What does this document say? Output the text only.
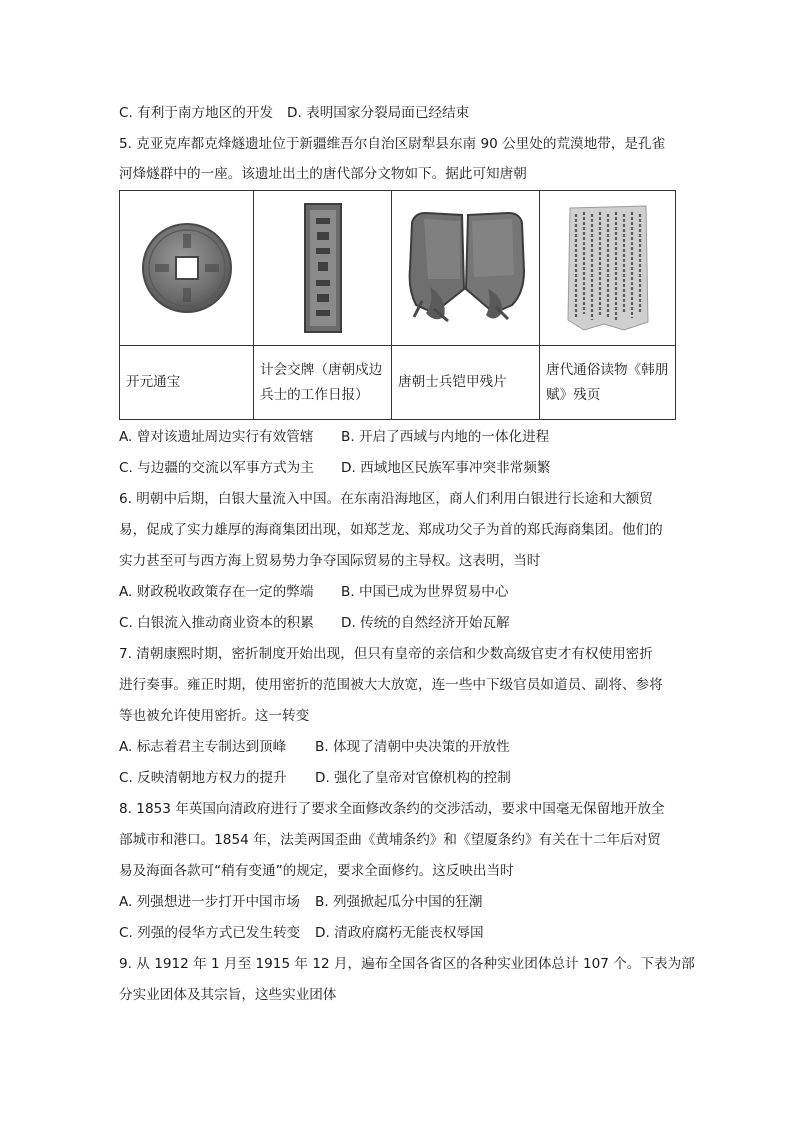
C. 有利于南方地区的开发 D. 表明国家分裂局面已经结束
5. 克亚克库都克烽燧遗址位于新疆维吾尔自治区尉犁县东南 90 公里处的荒漠地带，是孔雀
河烽燧群中的一座。该遗址出土的唐代部分文物如下。据此可知唐朝

开元通宝	计会交牌（唐朝戍边兵士的工作日报）	唐朝士兵铠甲残片	唐代通俗读物《韩朋赋》残页
A. 曾对该遗址周边实行有效管辖 B. 开启了西域与内地的一体化进程
C. 与边疆的交流以军事方式为主 D. 西域地区民族军事冲突非常频繁
6. 明朝中后期，白银大量流入中国。在东南沿海地区，商人们利用白银进行长途和大额贸
易，促成了实力雄厚的海商集团出现，如郑芝龙、郑成功父子为首的郑氏海商集团。他们的
实力甚至可与西方海上贸易势力争夺国际贸易的主导权。这表明，当时
A. 财政税收政策存在一定的弊端 B. 中国已成为世界贸易中心
C. 白银流入推动商业资本的积累 D. 传统的自然经济开始瓦解
7. 清朝康熙时期，密折制度开始出现，但只有皇帝的亲信和少数高级官吏才有权使用密折
进行奏事。雍正时期，使用密折的范围被大大放宽，连一些中下级官员如道员、副将、参将
等也被允许使用密折。这一转变
A. 标志着君主专制达到顶峰 B. 体现了清朝中央决策的开放性
C. 反映清朝地方权力的提升 D. 强化了皇帝对官僚机构的控制
8. 1853 年英国向清政府进行了要求全面修改条约的交涉活动，要求中国毫无保留地开放全
部城市和港口。1854 年，法美两国歪曲《黄埔条约》和《望厦条约》有关在十二年后对贸
易及海面各款可“稍有变通”的规定，要求全面修约。这反映出当时
A. 列强想进一步打开中国市场 B. 列强掀起瓜分中国的狂潮
C. 列强的侵华方式已发生转变 D. 清政府腐朽无能丧权辱国
9. 从 1912 年 1 月至 1915 年 12 月，遍布全国各省区的各种实业团体总计 107 个。下表为部
分实业团体及其宗旨，这些实业团体
